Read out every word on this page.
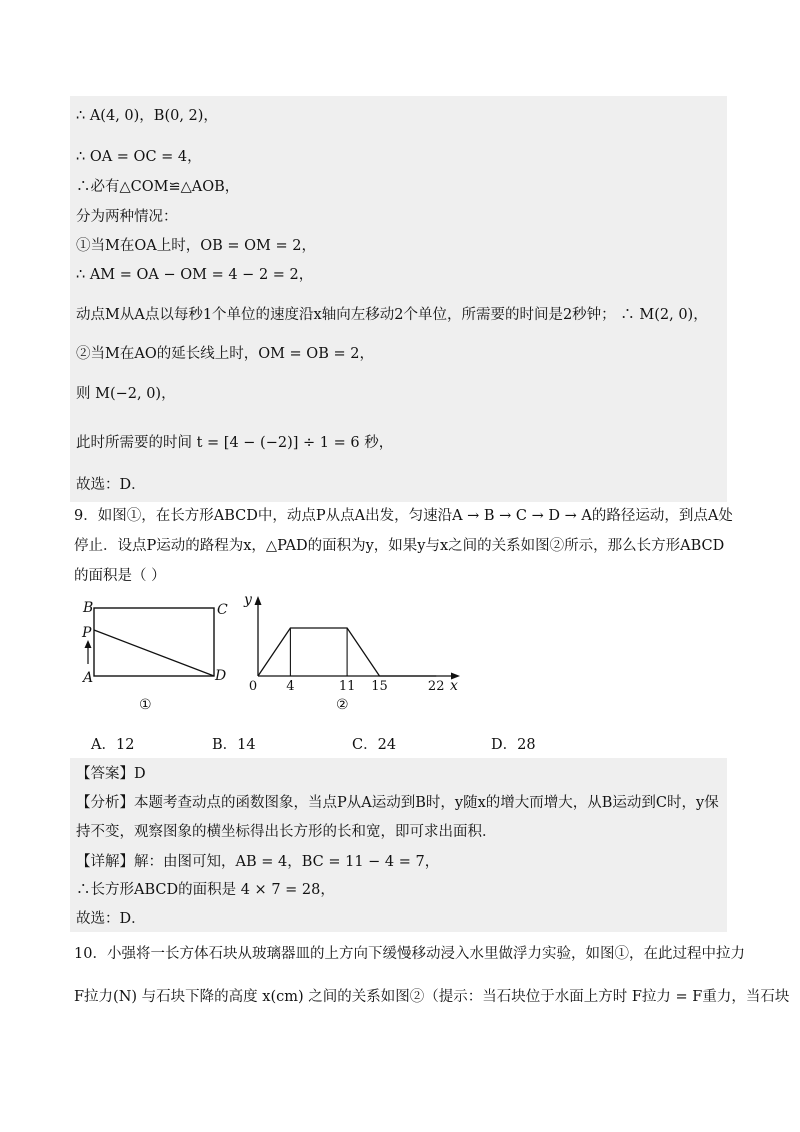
∴ A(4, 0)，B(0, 2)，
∴ OA = OC = 4，
∴必有△COM≌△AOB，
分为两种情况：
①当M在OA上时，OB = OM = 2，
∴ AM = OA − OM = 4 − 2 = 2，
动点M从A点以每秒1个单位的速度沿x轴向左移动2个单位，所需要的时间是2秒钟； ∴ M(2, 0)，
②当M在AO的延长线上时，OM = OB = 2，
则 M(−2, 0)，
此时所需要的时间 t = [4 − (−2)] ÷ 1 = 6 秒，
故选：D．
9．如图①，在长方形ABCD中，动点P从点A出发，匀速沿A → B → C → D → A的路径运动，到点A处
停止．设点P运动的路程为x，△PAD的面积为y，如果y与x之间的关系如图②所示，那么长方形ABCD
的面积是（ ）
B	C
P
A	D
①
y
x
0 4	11 15	22
②
A．12	B．14	C．24	D．28
【答案】D
【分析】本题考查动点的函数图象，当点P从A运动到B时，y随x的增大而增大，从B运动到C时，y保
持不变，观察图象的横坐标得出长方形的长和宽，即可求出面积．
【详解】解：由图可知，AB = 4，BC = 11 − 4 = 7，
∴长方形ABCD的面积是 4 × 7 = 28，
故选：D．
10．小强将一长方体石块从玻璃器皿的上方向下缓慢移动浸入水里做浮力实验，如图①，在此过程中拉力
F拉力(N) 与石块下降的高度 x(cm) 之间的关系如图②（提示：当石块位于水面上方时 F拉力 = F重力，当石块
